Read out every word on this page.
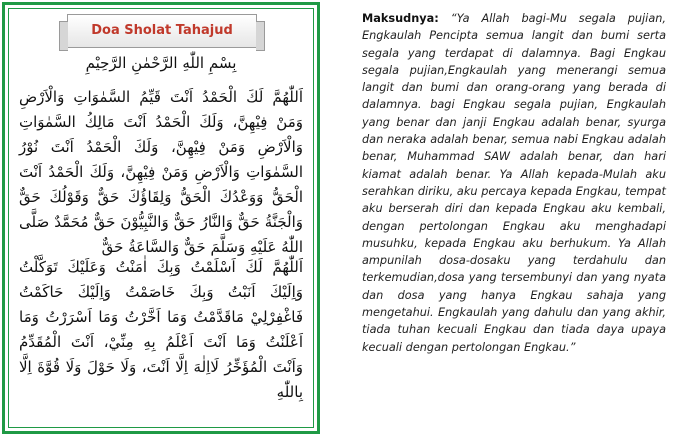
Doa Sholat Tahajud
بِسْمِ اللّٰهِ الرَّحْمٰنِ الرَّحِيْمِ
اَللّٰهُمَّ لَكَ الْحَمْدُ اَنْتَ قَيِّمُ السَّمٰوَاتِ وَالْاَرْضِ وَمَنْ فِيْهِنَّ، وَلَكَ الْحَمْدُ اَنْتَ مَالِكُ السَّمٰوَاتِ وَالْاَرْضِ وَمَنْ فِيْهِنَّ، وَلَكَ الْحَمْدُ اَنْتَ نُوْرُ السَّمٰوَاتِ وَالْاَرْضِ وَمَنْ فِيْهِنَّ، وَلَكَ الْحَمْدُ اَنْتَ الْحَقُّ وَوَعْدُكَ الْحَقُّ وَلِقَاؤُكَ حَقٌّ وَقَوْلُكَ حَقٌّ وَالْجَنَّةُ حَقٌّ وَالنَّارُ حَقٌّ وَالنَّبِيُّوْنَ حَقٌّ مُحَمَّدٌ صَلَّى اللّٰهُ عَلَيْهِ وَسَلَّمَ حَقٌّ وَالسَّاعَةُ حَقٌّ
اَللّٰهُمَّ لَكَ اَسْلَمْتُ وَبِكَ اٰمَنْتُ وَعَلَيْكَ تَوَكَّلْتُ وَاِلَيْكَ اَنَبْتُ وَبِكَ خَاصَمْتُ وَاِلَيْكَ حَاكَمْتُ فَاغْفِرْلِيْ مَاقَدَّمْتُ وَمَا اَخَّرْتُ وَمَا اَسْرَرْتُ وَمَا اَعْلَنْتُ وَمَا اَنْتَ اَعْلَمُ بِهِ مِنِّيْ، اَنْتَ الْمُقَدِّمُ وَاَنْتَ الْمُؤَخِّرُ لَااِلٰهَ اِلَّا اَنْتَ، وَلَا حَوْلَ وَلَا قُوَّةَ اِلَّا بِاللّٰهِ
Maksudnya: “Ya Allah bagi-Mu segala pujian, Engkaulah Pencipta semua langit dan bumi serta segala yang terdapat di dalamnya. Bagi Engkau segala pujian,Engkaulah yang menerangi semua langit dan bumi dan orang-orang yang berada di dalamnya. bagi Engkau segala pujian, Engkaulah yang benar dan janji Engkau adalah benar, syurga dan neraka adalah benar, semua nabi Engkau adalah benar, Muhammad SAW adalah benar, dan hari kiamat adalah benar. Ya Allah kepada-Mulah aku serahkan diriku, aku percaya kepada Engkau, tempat aku berserah diri dan kepada Engkau aku kembali, dengan pertolongan Engkau aku menghadapi musuhku, kepada Engkau aku berhukum. Ya Allah ampunilah dosa-dosaku yang terdahulu dan terkemudian,dosa yang tersembunyi dan yang nyata dan dosa yang hanya Engkau sahaja yang mengetahui. Engkaulah yang dahulu dan yang akhir, tiada tuhan kecuali Engkau dan tiada daya upaya kecuali dengan pertolongan Engkau.”
